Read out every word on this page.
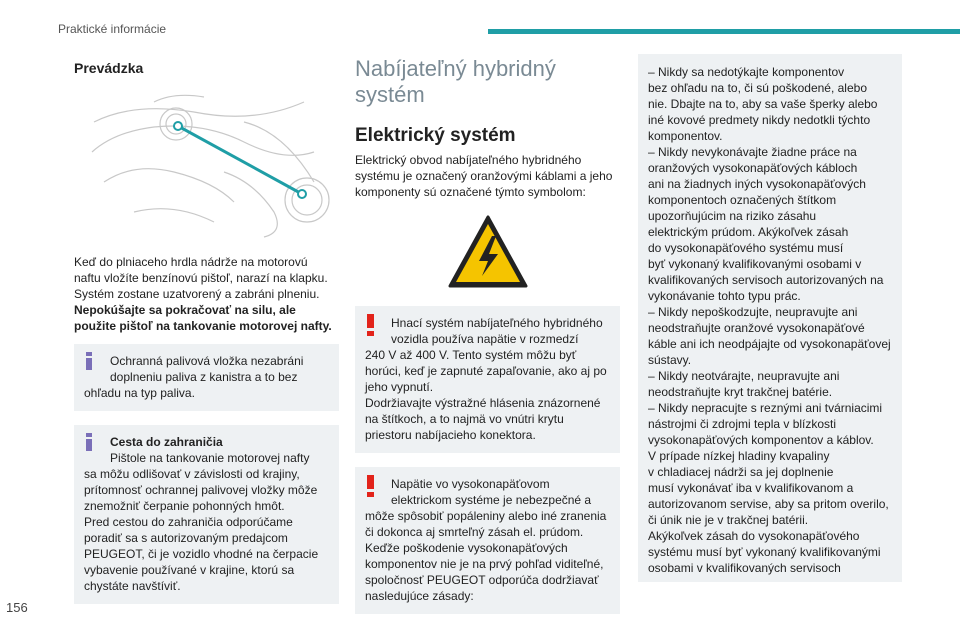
Praktické informácie
Prevádzka
Keď do plniaceho hrdla nádrže na motorovú
naftu vložíte benzínovú pištoľ, narazí na klapku.
Systém zostane uzatvorený a zabráni plneniu.
Nepokúšajte sa pokračovať na silu, ale
použite pištoľ na tankovanie motorovej nafty.
Ochranná palivová vložka nezabráni
doplneniu paliva z kanistra a to bez
ohľadu na typ paliva.
Cesta do zahraničia
Pištole na tankovanie motorovej nafty
sa môžu odlišovať v závislosti od krajiny,
prítomnosť ochrannej palivovej vložky môže
znemožniť čerpanie pohonných hmôt.
Pred cestou do zahraničia odporúčame
poradiť sa s autorizovaným predajcom
PEUGEOT, či je vozidlo vhodné na čerpacie
vybavenie používané v krajine, ktorú sa
chystáte navštíviť.
Nabíjateľný hybridný
systém
Elektrický systém
Elektrický obvod nabíjateľného hybridného
systému je označený oranžovými káblami a jeho
komponenty sú označené týmto symbolom:
Hnací systém nabíjateľného hybridného
vozidla používa napätie v rozmedzí
240 V až 400 V. Tento systém môžu byť
horúci, keď je zapnuté zapaľovanie, ako aj po
jeho vypnutí.
Dodržiavajte výstražné hlásenia znázornené
na štítkoch, a to najmä vo vnútri krytu
priestoru nabíjacieho konektora.
Napätie vo vysokonapäťovom
elektrickom systéme je nebezpečné a
môže spôsobiť popáleniny alebo iné zranenia
či dokonca aj smrteľný zásah el. prúdom.
Keďže poškodenie vysokonapäťových
komponentov nie je na prvý pohľad viditeľné,
spoločnosť PEUGEOT odporúča dodržiavať
nasledujúce zásady:
– Nikdy sa nedotýkajte komponentov
bez ohľadu na to, či sú poškodené, alebo
nie. Dbajte na to, aby sa vaše šperky alebo
iné kovové predmety nikdy nedotkli týchto
komponentov.
– Nikdy nevykonávajte žiadne práce na
oranžových vysokonapäťových kábloch
ani na žiadnych iných vysokonapäťových
komponentoch označených štítkom
upozorňujúcim na riziko zásahu
elektrickým prúdom. Akýkoľvek zásah
do vysokonapäťového systému musí
byť vykonaný kvalifikovanými osobami v
kvalifikovaných servisoch autorizovaných na
vykonávanie tohto typu prác.
– Nikdy nepoškodzujte, neupravujte ani
neodstraňujte oranžové vysokonapäťové
káble ani ich neodpájajte od vysokonapäťovej
sústavy.
– Nikdy neotvárajte, neupravujte ani
neodstraňujte kryt trakčnej batérie.
– Nikdy nepracujte s reznými ani tvárniacimi
nástrojmi či zdrojmi tepla v blízkosti
vysokonapäťových komponentov a káblov.
V prípade nízkej hladiny kvapaliny
v chladiacej nádrži sa jej doplnenie
musí vykonávať iba v kvalifikovanom a
autorizovanom servise, aby sa pritom overilo,
či únik nie je v trakčnej batérii.
Akýkoľvek zásah do vysokonapäťového
systému musí byť vykonaný kvalifikovanými
osobami v kvalifikovaných servisoch
156
